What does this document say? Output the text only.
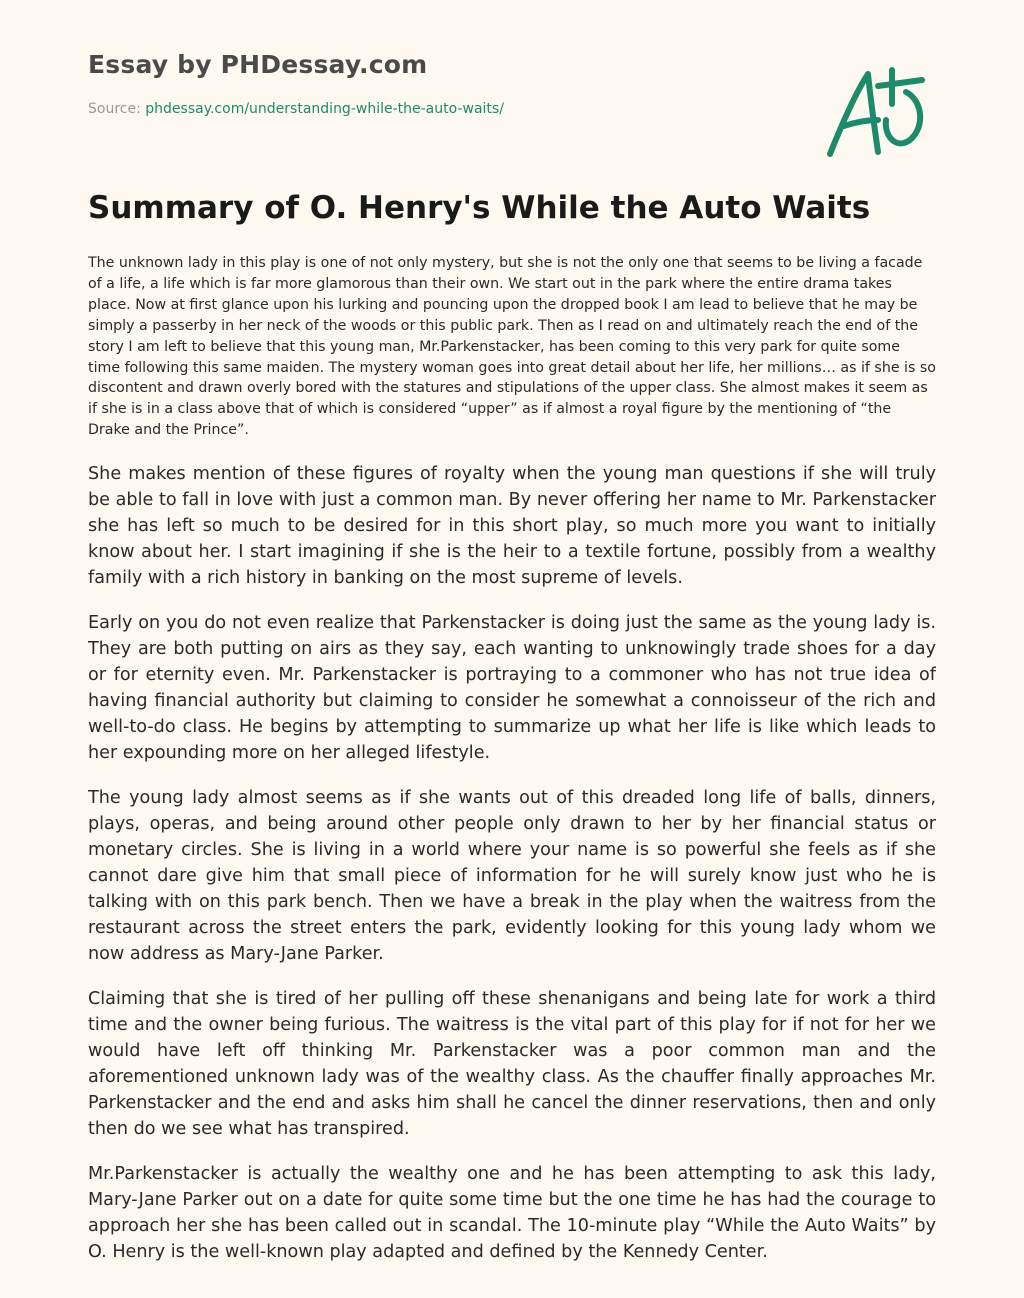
Essay by PHDessay.com
Source: phdessay.com/understanding-while-the-auto-waits/
Summary of O. Henry's While the Auto Waits

The unknown lady in this play is one of not only mystery, but she is not the only one that seems to be living a facade of a life, a life which is far more glamorous than their own. We start out in the park where the entire drama takes place. Now at first glance upon his lurking and pouncing upon the dropped book I am lead to believe that he may be simply a passerby in her neck of the woods or this public park. Then as I read on and ultimately reach the end of the story I am left to believe that this young man, Mr.Parkenstacker, has been coming to this very park for quite some time following this same maiden. The mystery woman goes into great detail about her life, her millions… as if she is so discontent and drawn overly bored with the statures and stipulations of the upper class. She almost makes it seem as if she is in a class above that of which is considered “upper” as if almost a royal figure by the mentioning of “the Drake and the Prince”.

She makes mention of these figures of royalty when the young man questions if she will truly be able to fall in love with just a common man. By never offering her name to Mr. Parkenstacker she has left so much to be desired for in this short play, so much more you want to initially know about her. I start imagining if she is the heir to a textile fortune, possibly from a wealthy family with a rich history in banking on the most supreme of levels.

Early on you do not even realize that Parkenstacker is doing just the same as the young lady is. They are both putting on airs as they say, each wanting to unknowingly trade shoes for a day or for eternity even. Mr. Parkenstacker is portraying to a commoner who has not true idea of having financial authority but claiming to consider he somewhat a connoisseur of the rich and well-to-do class. He begins by attempting to summarize up what her life is like which leads to her expounding more on her alleged lifestyle.

The young lady almost seems as if she wants out of this dreaded long life of balls, dinners, plays, operas, and being around other people only drawn to her by her financial status or monetary circles. She is living in a world where your name is so powerful she feels as if she cannot dare give him that small piece of information for he will surely know just who he is talking with on this park bench. Then we have a break in the play when the waitress from the restaurant across the street enters the park, evidently looking for this young lady whom we now address as Mary-Jane Parker.

Claiming that she is tired of her pulling off these shenanigans and being late for work a third time and the owner being furious. The waitress is the vital part of this play for if not for her we would have left off thinking Mr. Parkenstacker was a poor common man and the aforementioned unknown lady was of the wealthy class. As the chauffer finally approaches Mr. Parkenstacker and the end and asks him shall he cancel the dinner reservations, then and only then do we see what has transpired.

Mr.Parkenstacker is actually the wealthy one and he has been attempting to ask this lady, Mary-Jane Parker out on a date for quite some time but the one time he has had the courage to approach her she has been called out in scandal. The 10-minute play “While the Auto Waits” by O. Henry is the well-known play adapted and defined by the Kennedy Center.
